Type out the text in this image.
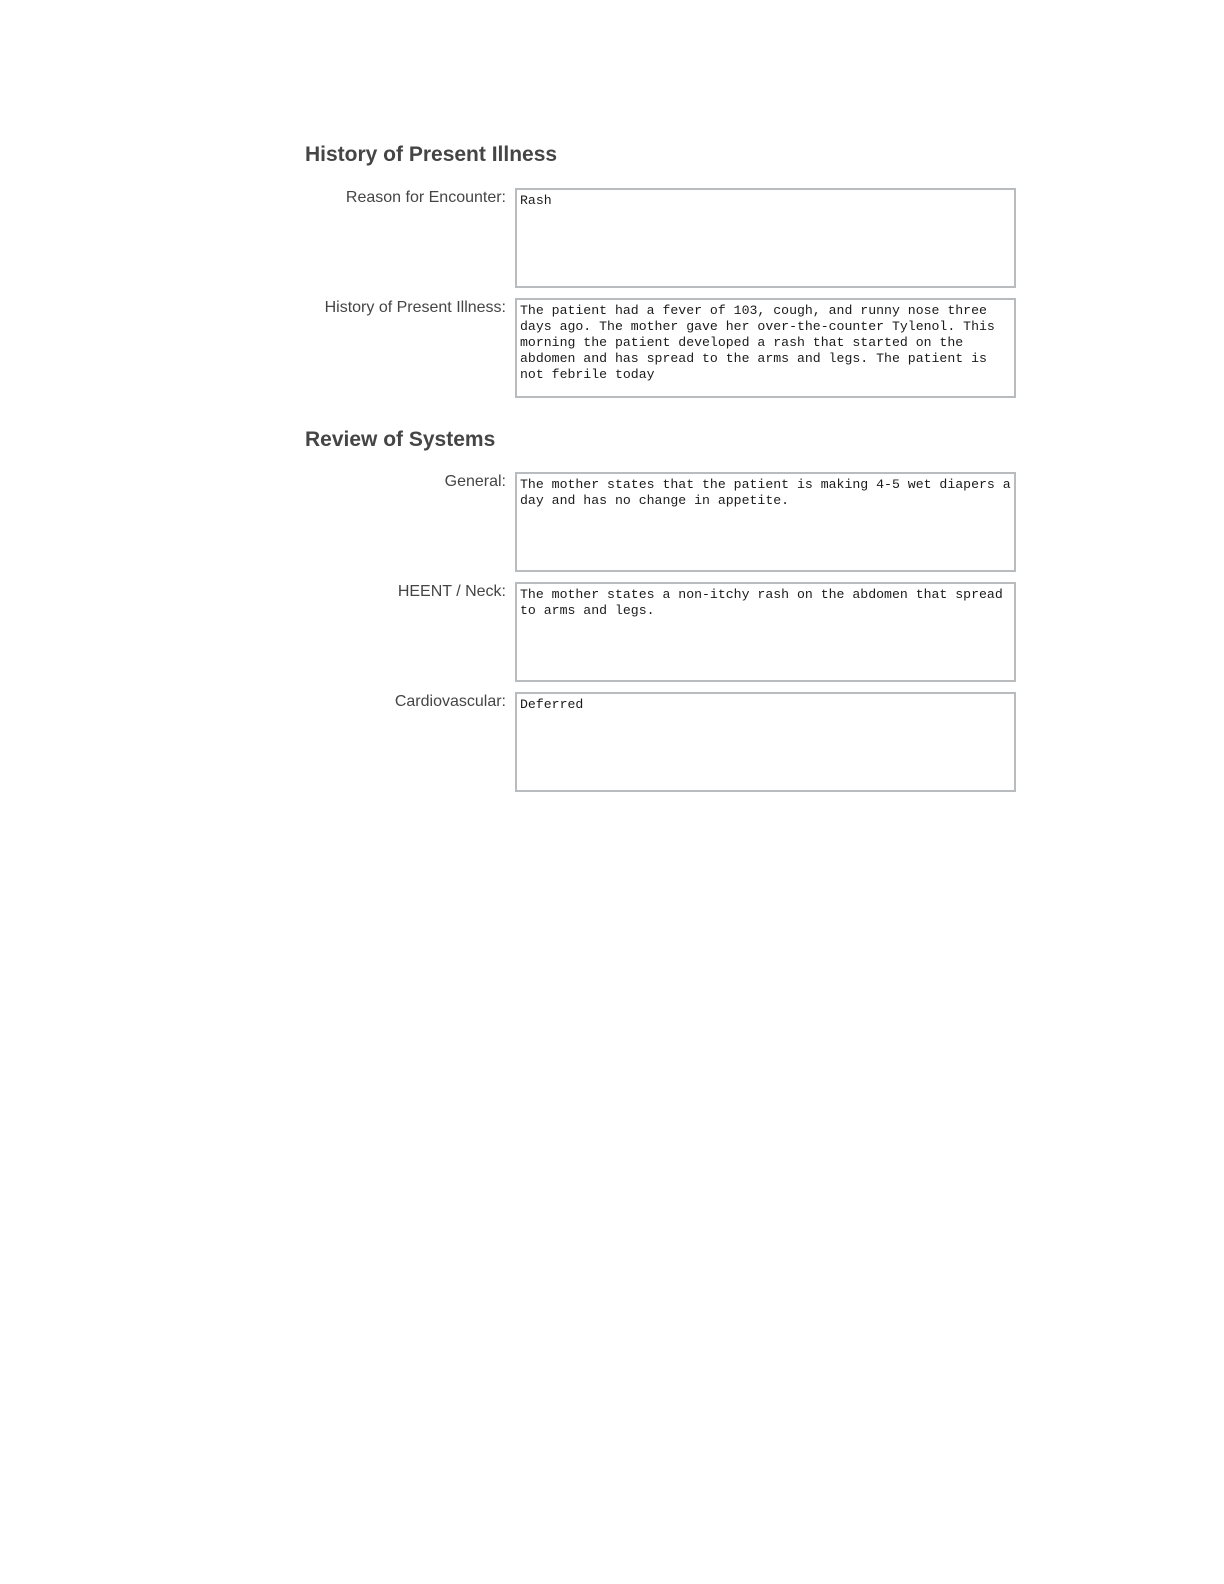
History of Present Illness
Reason for Encounter: Rash

History of Present Illness: The patient had a fever of 103, cough, and runny nose three days ago. The mother gave her over-the-counter Tylenol. This morning the patient developed a rash that started on the abdomen and has spread to the arms and legs. The patient is not febrile today

Review of Systems
General: The mother states that the patient is making 4-5 wet diapers a day and has no change in appetite.

HEENT / Neck: The mother states a non-itchy rash on the abdomen that spread to arms and legs.

Cardiovascular: Deferred
